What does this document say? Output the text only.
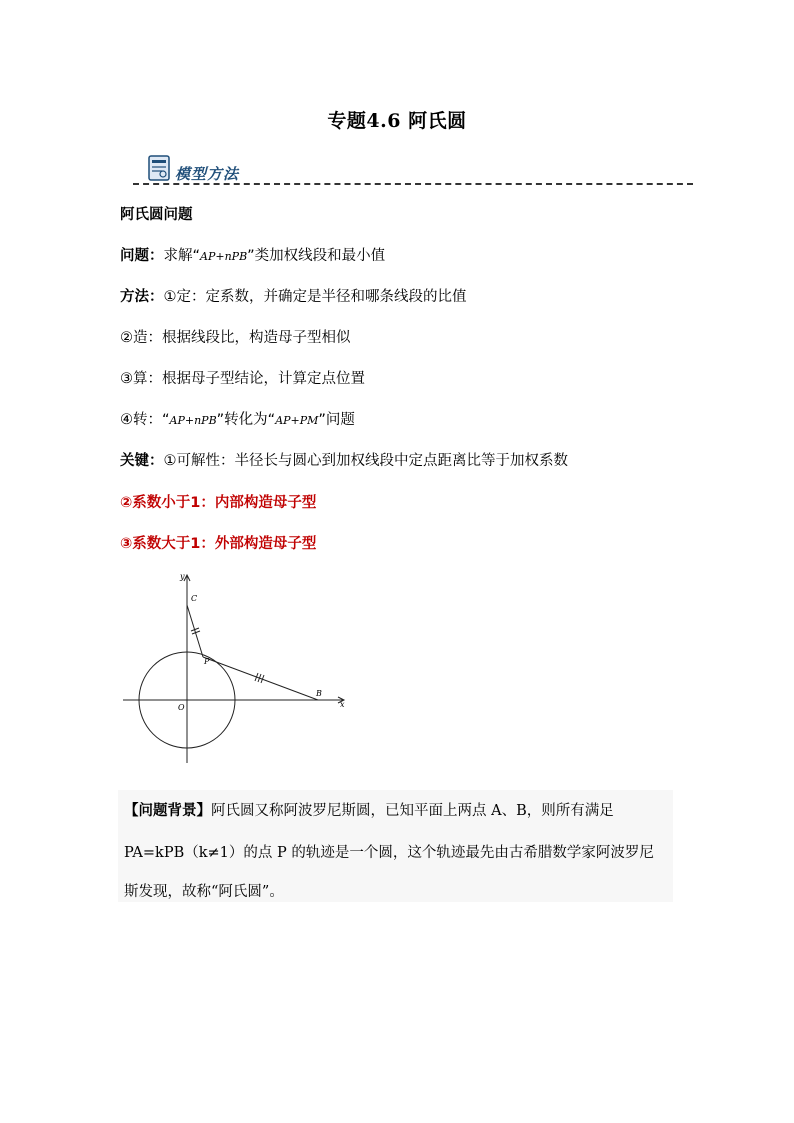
专题4.6 阿氏圆
模型方法
阿氏圆问题
问题：求解“AP+nPB”类加权线段和最小值
方法：①定：定系数，并确定是半径和哪条线段的比值
②造：根据线段比，构造母子型相似
③算：根据母子型结论，计算定点位置
④转：“AP+nPB”转化为“AP+PM”问题
关键：①可解性：半径长与圆心到加权线段中定点距离比等于加权系数
②系数小于1：内部构造母子型
③系数大于1：外部构造母子型
y
x
C
P
B
O
【问题背景】阿氏圆又称阿波罗尼斯圆，已知平面上两点 A、B，则所有满足
PA=kPB（k≠1）的点 P 的轨迹是一个圆，这个轨迹最先由古希腊数学家阿波罗尼
斯发现，故称“阿氏圆”。
